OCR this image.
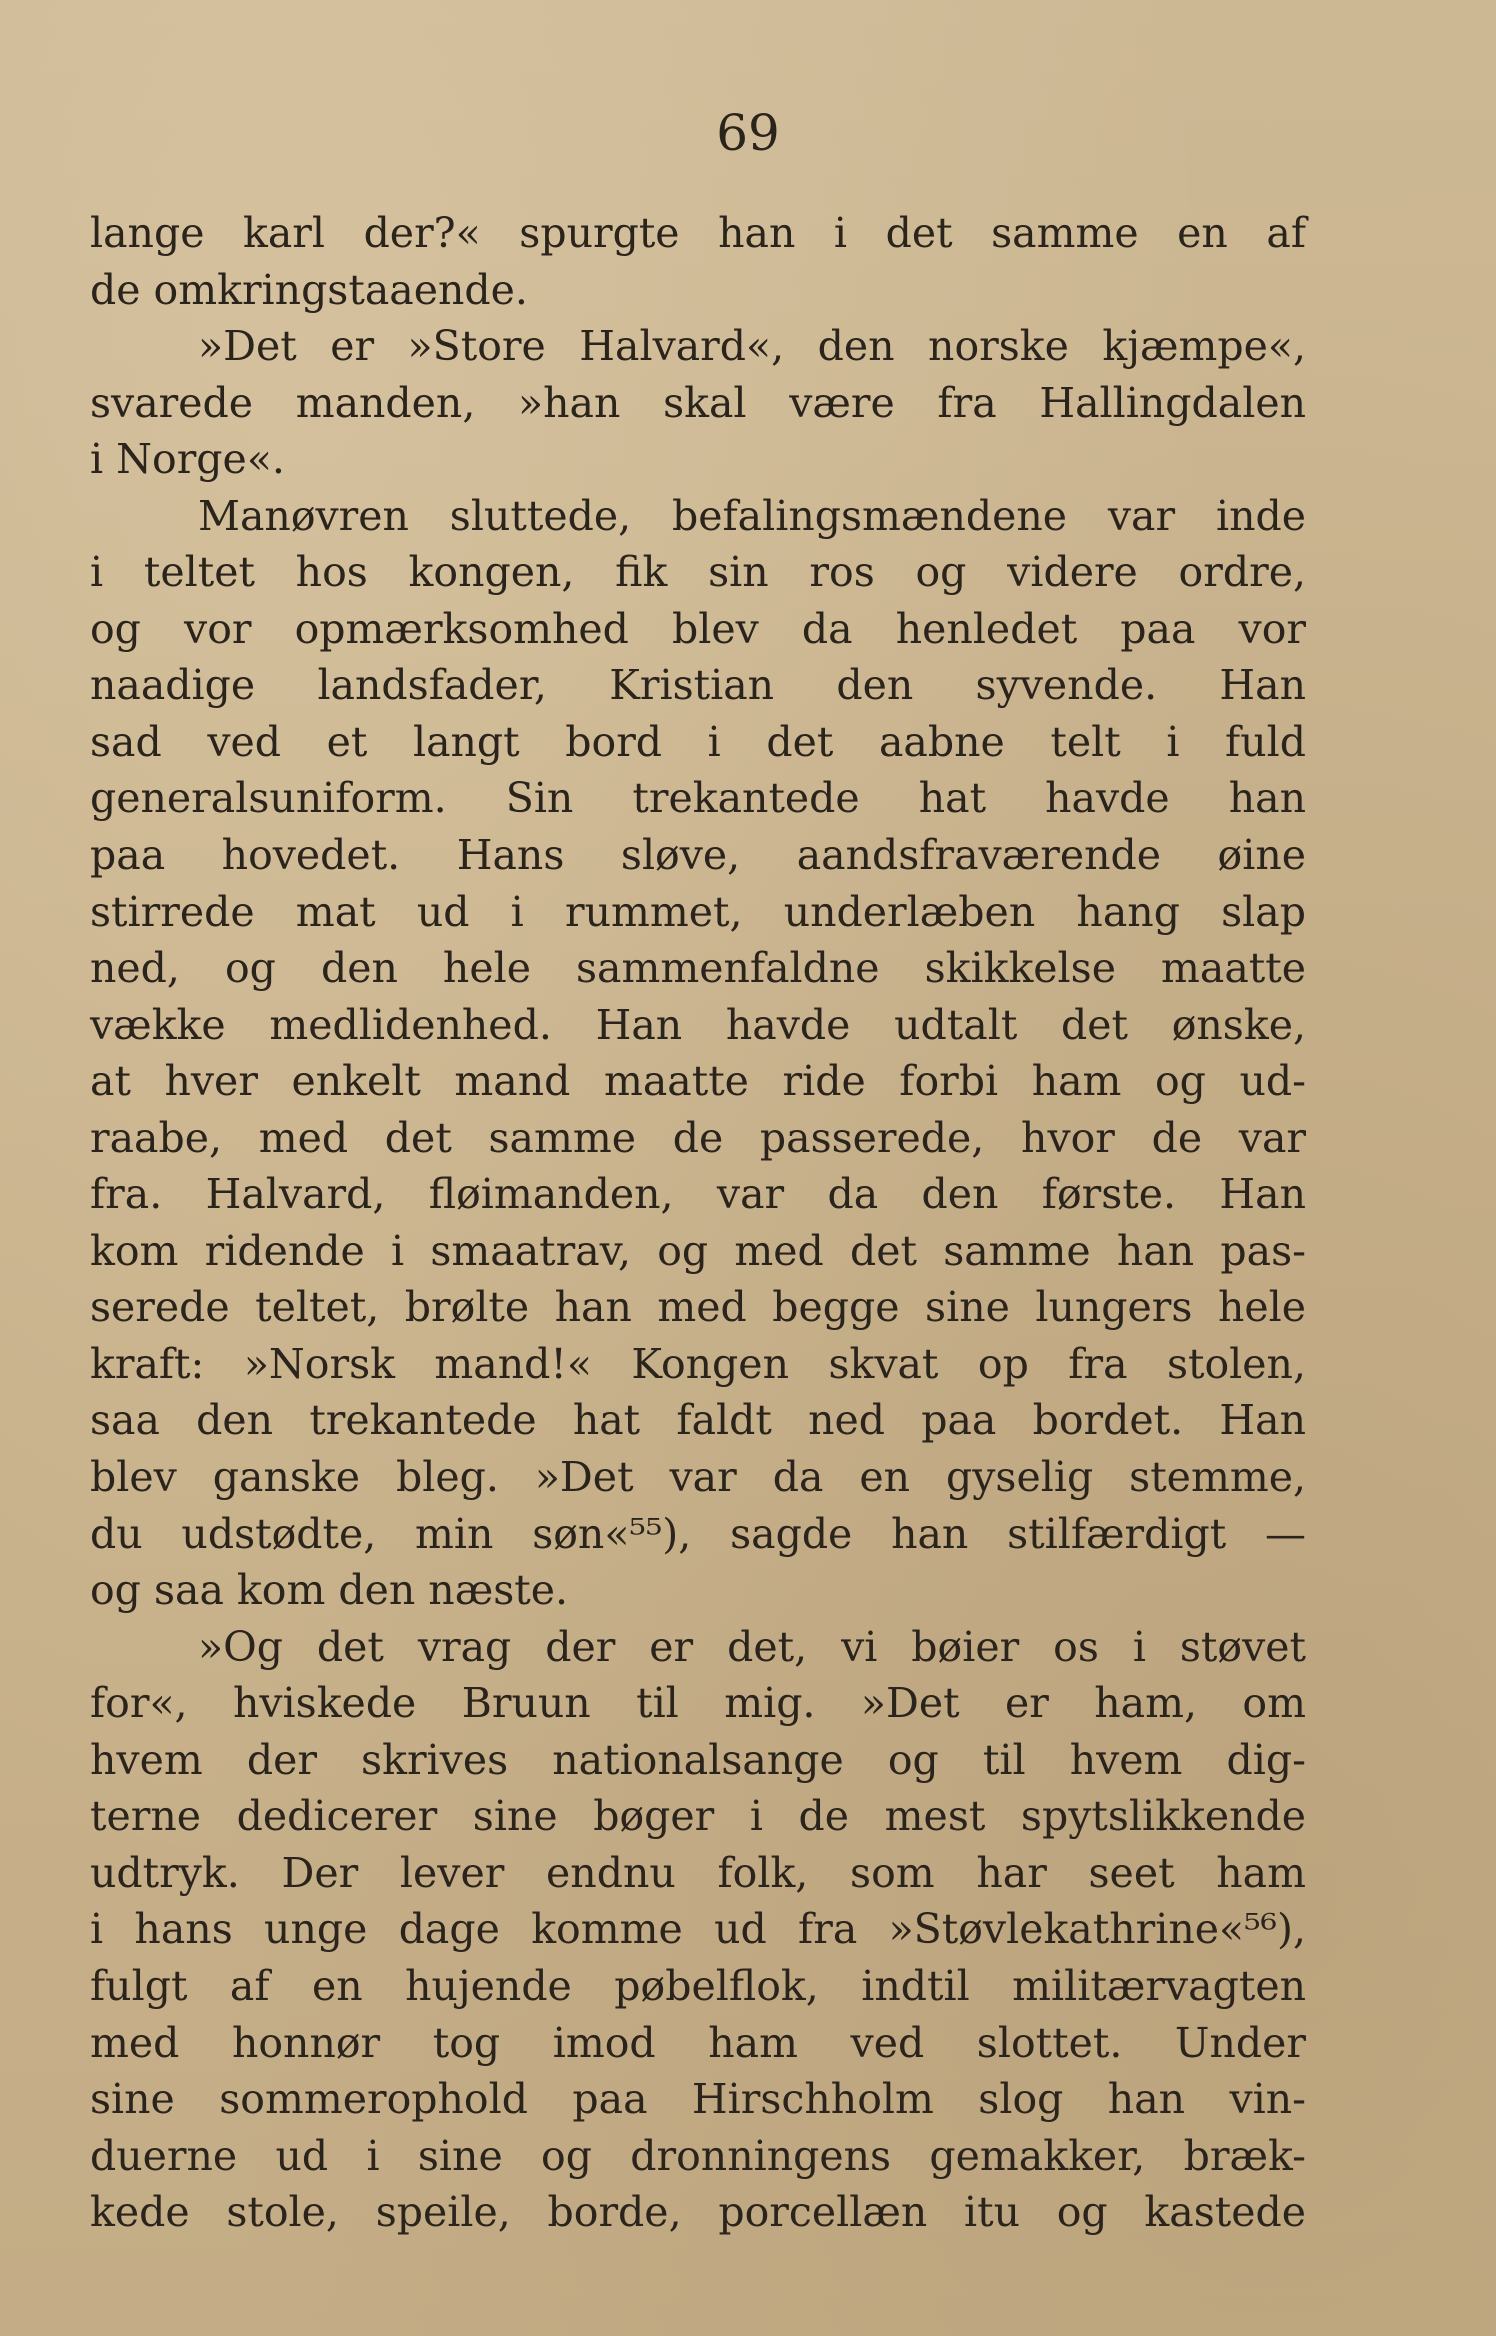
69
lange karl der?« spurgte han i det samme en af
de omkringstaaende.
»Det er »Store Halvard«, den norske kjæmpe«,
svarede manden, »han skal være fra Hallingdalen
i Norge«.
Manøvren sluttede, befalingsmændene var inde
i teltet hos kongen, fik sin ros og videre ordre,
og vor opmærksomhed blev da henledet paa vor
naadige landsfader, Kristian den syvende. Han
sad ved et langt bord i det aabne telt i fuld
generalsuniform. Sin trekantede hat havde han
paa hovedet. Hans sløve, aandsfraværende øine
stirrede mat ud i rummet, underlæben hang slap
ned, og den hele sammenfaldne skikkelse maatte
vække medlidenhed. Han havde udtalt det ønske,
at hver enkelt mand maatte ride forbi ham og ud-
raabe, med det samme de passerede, hvor de var
fra. Halvard, fløimanden, var da den første. Han
kom ridende i smaatrav, og med det samme han pas-
serede teltet, brølte han med begge sine lungers hele
kraft: »Norsk mand!« Kongen skvat op fra stolen,
saa den trekantede hat faldt ned paa bordet. Han
blev ganske bleg. »Det var da en gyselig stemme,
du udstødte, min søn«⁵⁵), sagde han stilfærdigt —
og saa kom den næste.
»Og det vrag der er det, vi bøier os i støvet
for«, hviskede Bruun til mig. »Det er ham, om
hvem der skrives nationalsange og til hvem dig-
terne dedicerer sine bøger i de mest spytslikkende
udtryk. Der lever endnu folk, som har seet ham
i hans unge dage komme ud fra »Støvlekathrine«⁵⁶),
fulgt af en hujende pøbelflok, indtil militærvagten
med honnør tog imod ham ved slottet. Under
sine sommerophold paa Hirschholm slog han vin-
duerne ud i sine og dronningens gemakker, bræk-
kede stole, speile, borde, porcellæn itu og kastede
